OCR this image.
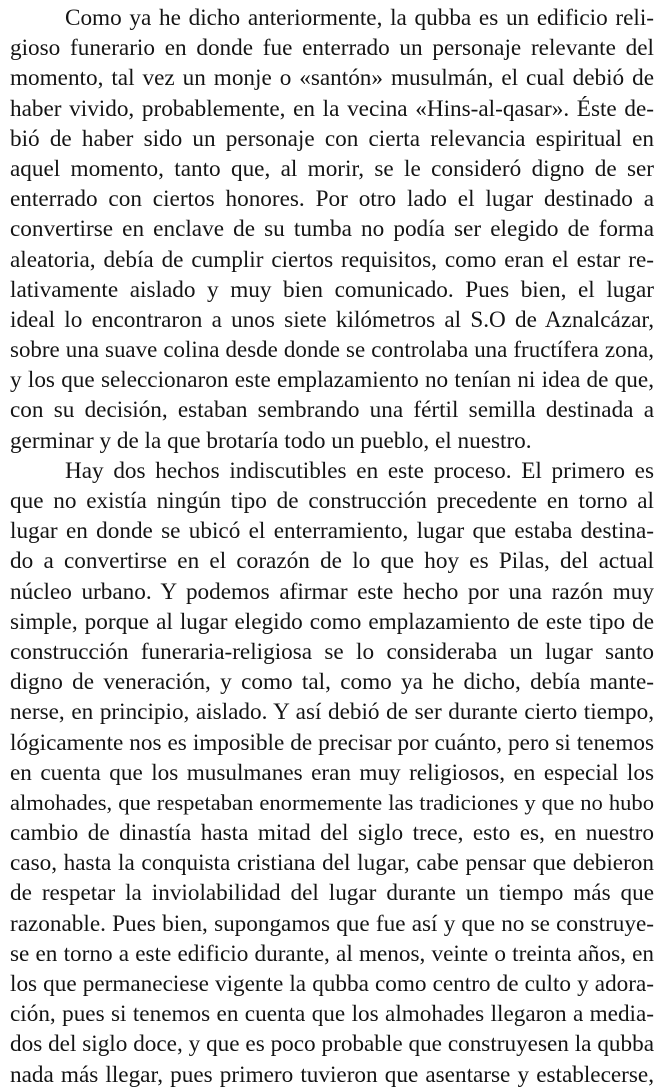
Como ya he dicho anteriormente, la qubba es un edificio reli-
gioso funerario en donde fue enterrado un personaje relevante del
momento, tal vez un monje o «santón» musulmán, el cual debió de
haber vivido, probablemente, en la vecina «Hins-al-qasar». Éste de-
bió de haber sido un personaje con cierta relevancia espiritual en
aquel momento, tanto que, al morir, se le consideró digno de ser
enterrado con ciertos honores. Por otro lado el lugar destinado a
convertirse en enclave de su tumba no podía ser elegido de forma
aleatoria, debía de cumplir ciertos requisitos, como eran el estar re-
lativamente aislado y muy bien comunicado. Pues bien, el lugar
ideal lo encontraron a unos siete kilómetros al S.O de Aznalcázar,
sobre una suave colina desde donde se controlaba una fructífera zona,
y los que seleccionaron este emplazamiento no tenían ni idea de que,
con su decisión, estaban sembrando una fértil semilla destinada a
germinar y de la que brotaría todo un pueblo, el nuestro.
Hay dos hechos indiscutibles en este proceso. El primero es
que no existía ningún tipo de construcción precedente en torno al
lugar en donde se ubicó el enterramiento, lugar que estaba destina-
do a convertirse en el corazón de lo que hoy es Pilas, del actual
núcleo urbano. Y podemos afirmar este hecho por una razón muy
simple, porque al lugar elegido como emplazamiento de este tipo de
construcción funeraria-religiosa se lo consideraba un lugar santo
digno de veneración, y como tal, como ya he dicho, debía mante-
nerse, en principio, aislado. Y así debió de ser durante cierto tiempo,
lógicamente nos es imposible de precisar por cuánto, pero si tenemos
en cuenta que los musulmanes eran muy religiosos, en especial los
almohades, que respetaban enormemente las tradiciones y que no hubo
cambio de dinastía hasta mitad del siglo trece, esto es, en nuestro
caso, hasta la conquista cristiana del lugar, cabe pensar que debieron
de respetar la inviolabilidad del lugar durante un tiempo más que
razonable. Pues bien, supongamos que fue así y que no se construye-
se en torno a este edificio durante, al menos, veinte o treinta años, en
los que permaneciese vigente la qubba como centro de culto y adora-
ción, pues si tenemos en cuenta que los almohades llegaron a media-
dos del siglo doce, y que es poco probable que construyesen la qubba
nada más llegar, pues primero tuvieron que asentarse y establecerse,
